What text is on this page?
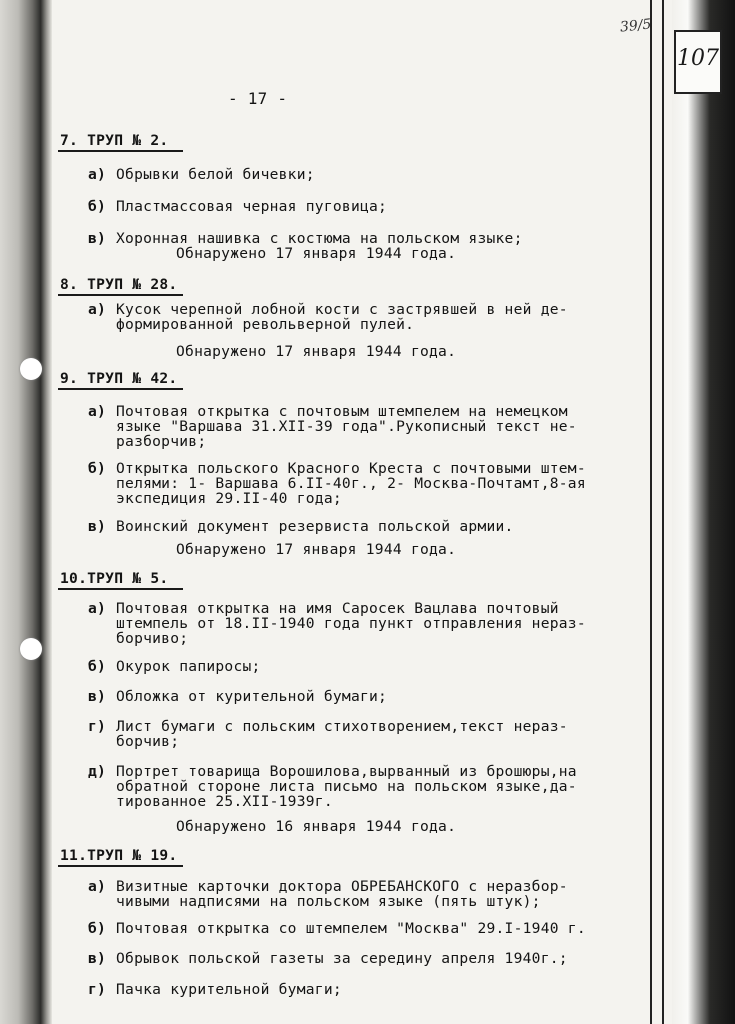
107
39/5
- 17 -
7. ТРУП № 2.
а) Обрывки белой бичевки;
б) Пластмассовая черная пуговица;
в) Хоронная нашивка с костюма на польском языке;
Обнаружено 17 января 1944 года.
8. ТРУП № 28.
а) Кусок черепной лобной кости с застрявшей в ней де-
формированной револьверной пулей.
Обнаружено 17 января 1944 года.
9. ТРУП № 42.
а) Почтовая открытка с почтовым штемпелем на немецком
языке "Варшава 31.XII-39 года".Рукописный текст не-
разборчив;
б) Открытка польского Красного Креста с почтовыми штем-
пелями: 1- Варшава 6.II-40г., 2- Москва-Почтамт,8-ая
экспедиция 29.II-40 года;
в) Воинский документ резервиста польской армии.
Обнаружено 17 января 1944 года.
10.ТРУП № 5.
а) Почтовая открытка на имя Саросек Вацлава почтовый
штемпель от 18.II-1940 года пункт отправления нераз-
борчиво;
б) Окурок папиросы;
в) Обложка от курительной бумаги;
г) Лист бумаги с польским стихотворением,текст нераз-
борчив;
д) Портрет товарища Ворошилова,вырванный из брошюры,на
обратной стороне листа письмо на польском языке,да-
тированное 25.XII-1939г.
Обнаружено 16 января 1944 года.
11.ТРУП № 19.
а) Визитные карточки доктора ОБРЕБАНСКОГО с неразбор-
чивыми надписями на польском языке (пять штук);
б) Почтовая открытка со штемпелем "Москва" 29.I-1940 г.
в) Обрывок польской газеты за середину апреля 1940г.;
г) Пачка курительной бумаги;
